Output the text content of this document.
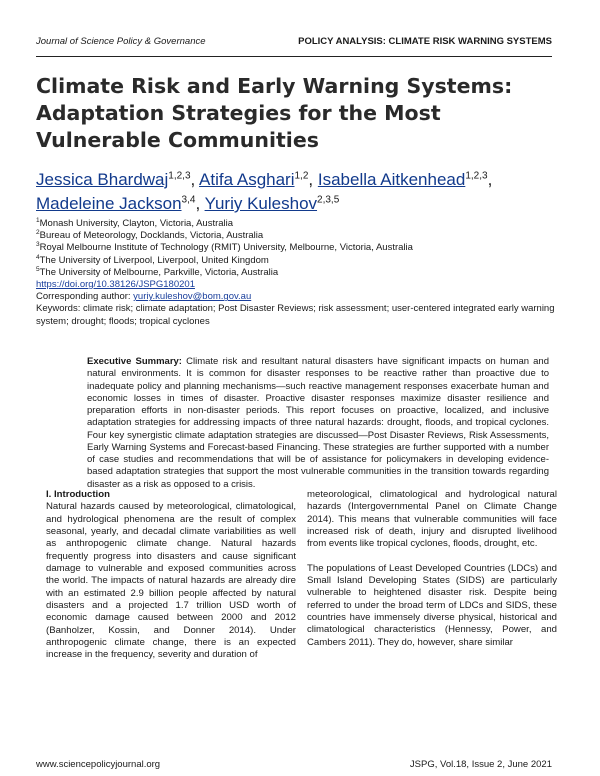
Journal of Science Policy & Governance	POLICY ANALYSIS: CLIMATE RISK WARNING SYSTEMS
Climate Risk and Early Warning Systems: Adaptation Strategies for the Most Vulnerable Communities
Jessica Bhardwaj$^{1,2,3}$, Atifa Asghari$^{1,2}$, Isabella Aitkenhead$^{1,2,3}$, Madeleine Jackson$^{3,4}$, Yuriy Kuleshov$^{2,3,5}$
$^1$Monash University, Clayton, Victoria, Australia
$^2$Bureau of Meteorology, Docklands, Victoria, Australia
$^3$Royal Melbourne Institute of Technology (RMIT) University, Melbourne, Victoria, Australia
$^4$The University of Liverpool, Liverpool, United Kingdom
$^5$The University of Melbourne, Parkville, Victoria, Australia
https://doi.org/10.38126/JSPG180201
Corresponding author: yuriy.kuleshov@bom.gov.au
Keywords: climate risk; climate adaptation; Post Disaster Reviews; risk assessment; user-centered integrated early warning system; drought; floods; tropical cyclones
Executive Summary: Climate risk and resultant natural disasters have significant impacts on human and natural environments. It is common for disaster responses to be reactive rather than proactive due to inadequate policy and planning mechanisms—such reactive management responses exacerbate human and economic losses in times of disaster. Proactive disaster responses maximize disaster resilience and preparation efforts in non-disaster periods. This report focuses on proactive, localized, and inclusive adaptation strategies for addressing impacts of three natural hazards: drought, floods, and tropical cyclones. Four key synergistic climate adaptation strategies are discussed—Post Disaster Reviews, Risk Assessments, Early Warning Systems and Forecast-based Financing. These strategies are further supported with a number of case studies and recommendations that will be of assistance for policymakers in developing evidence-based adaptation strategies that support the most vulnerable communities in the transition towards regarding disaster as a risk as opposed to a crisis.

I. Introduction

Natural hazards caused by meteorological, climatological, and hydrological phenomena are the result of complex seasonal, yearly, and decadal climate variabilities as well as anthropogenic climate change. Natural hazards frequently progress into disasters and cause significant damage to vulnerable and exposed communities across the world. The impacts of natural hazards are already dire with an estimated 2.9 billion people affected by natural disasters and a projected 1.7 trillion USD worth of economic damage caused between 2000 and 2012 (Banholzer, Kossin, and Donner 2014). Under anthropogenic climate change, there is an expected increase in the frequency, severity and duration of

meteorological, climatological and hydrological natural hazards (Intergovernmental Panel on Climate Change 2014). This means that vulnerable communities will face increased risk of death, injury and disrupted livelihood from events like tropical cyclones, floods, drought, etc.

The populations of Least Developed Countries (LDCs) and Small Island Developing States (SIDS) are particularly vulnerable to heightened disaster risk. Despite being referred to under the broad term of LDCs and SIDS, these countries have immensely diverse physical, historical and climatological characteristics (Hennessy, Power, and Cambers 2011). They do, however, share similar

www.sciencepolicyjournal.org	JSPG, Vol.18, Issue 2, June 2021
